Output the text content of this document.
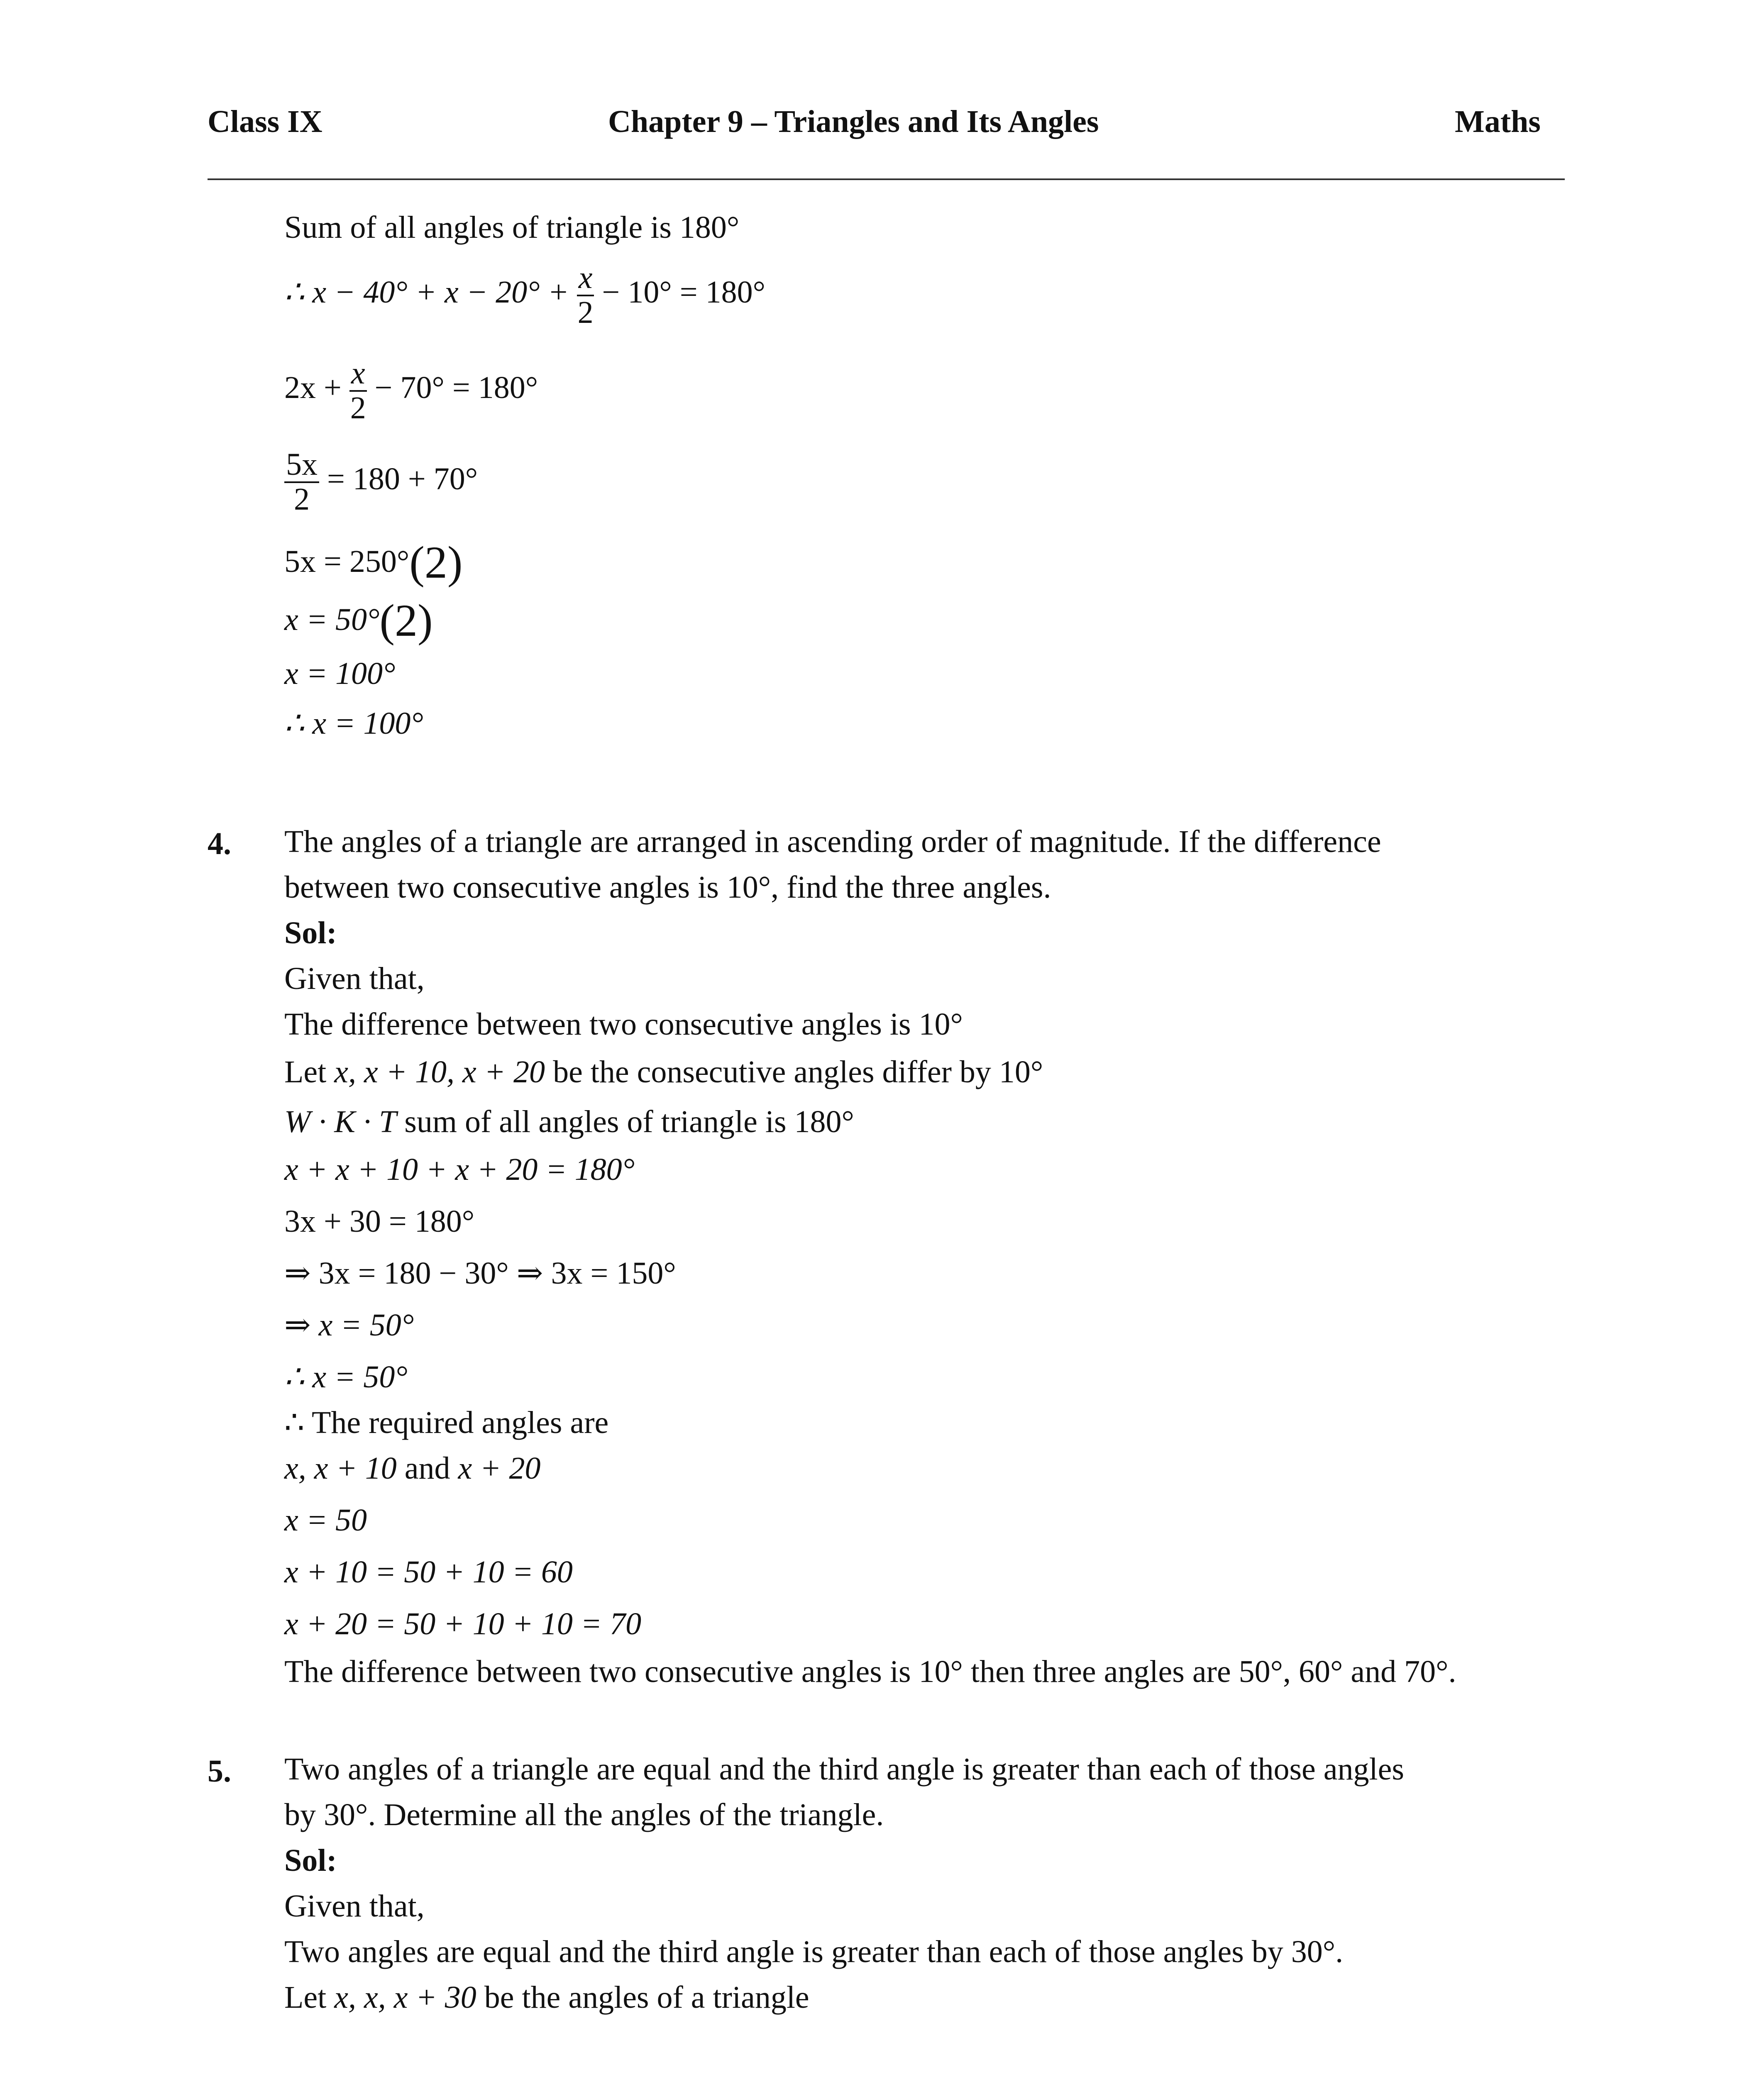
Class IX	Chapter 9 – Triangles and Its Angles	Maths
Sum of all angles of triangle is 180°
∴ $x - 40^\circ + x - 20^\circ + \frac{x}{2} - 10^\circ = 180^\circ$
$2x + \frac{x}{2} - 70^\circ = 180^\circ$
$\frac{5x}{2} = 180 + 70^\circ$
5x = 250°(2)
x = 50°(2)
x = 100°
∴ x = 100°
4. The angles of a triangle are arranged in ascending order of magnitude. If the difference
between two consecutive angles is 10°, find the three angles.
Sol:
Given that,
The difference between two consecutive angles is 10°
Let x, x + 10, x + 20 be the consecutive angles differ by 10°
W · K · T sum of all angles of triangle is 180°
x + x + 10 + x + 20 = 180°
3x + 30 = 180°
⇒ 3x = 180 − 30° ⇒ 3x = 150°
⇒ x = 50°
∴ x = 50°
∴ The required angles are
x, x + 10 and x + 20
x = 50
x + 10 = 50 + 10 = 60
x + 20 = 50 + 10 + 10 = 70
The difference between two consecutive angles is 10° then three angles are 50°, 60° and 70°.
5. Two angles of a triangle are equal and the third angle is greater than each of those angles
by 30°. Determine all the angles of the triangle.
Sol:
Given that,
Two angles are equal and the third angle is greater than each of those angles by 30°.
Let x, x, x + 30 be the angles of a triangle
